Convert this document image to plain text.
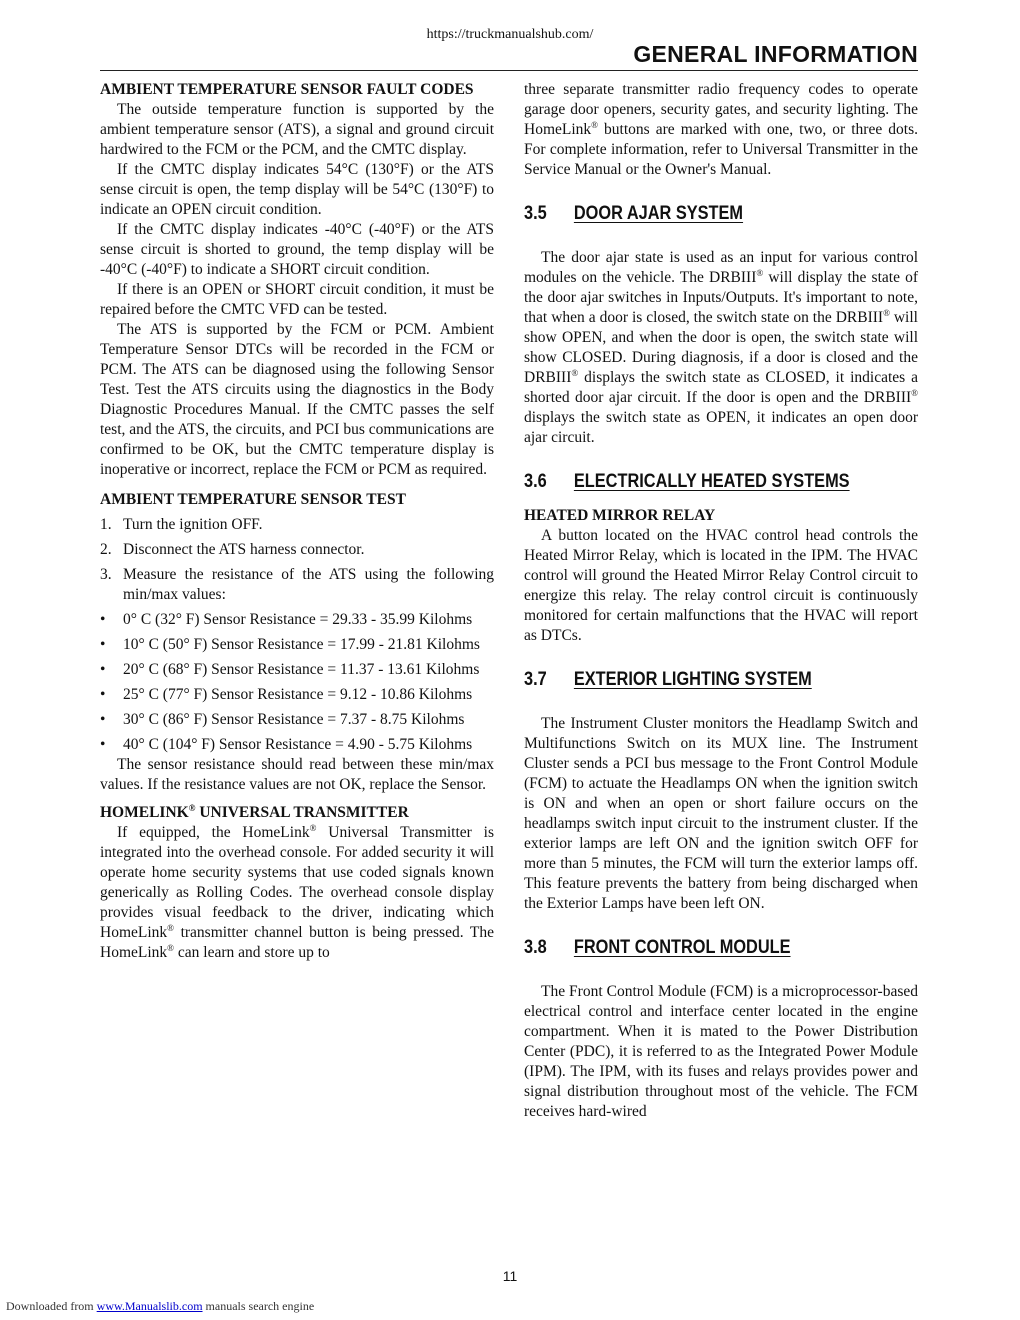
https://truckmanualshub.com/
GENERAL INFORMATION
AMBIENT TEMPERATURE SENSOR FAULT CODES

The outside temperature function is supported by the ambient temperature sensor (ATS), a signal and ground circuit hardwired to the FCM or the PCM, and the CMTC display.

If the CMTC display indicates 54°C (130°F) or the ATS sense circuit is open, the temp display will be 54°C (130°F) to indicate an OPEN circuit condition.

If the CMTC display indicates -40°C (-40°F) or the ATS sense circuit is shorted to ground, the temp display will be -40°C (-40°F) to indicate a SHORT circuit condition.

If there is an OPEN or SHORT circuit condition, it must be repaired before the CMTC VFD can be tested.

The ATS is supported by the FCM or PCM. Ambient Temperature Sensor DTCs will be recorded in the FCM or PCM. The ATS can be diagnosed using the following Sensor Test. Test the ATS circuits using the diagnostics in the Body Diagnostic Procedures Manual. If the CMTC passes the self test, and the ATS, the circuits, and PCI bus communications are confirmed to be OK, but the CMTC temperature display is inoperative or incorrect, replace the FCM or PCM as required.

AMBIENT TEMPERATURE SENSOR TEST
1. Turn the ignition OFF.
2. Disconnect the ATS harness connector.
3. Measure the resistance of the ATS using the following min/max values:
• 0° C (32° F) Sensor Resistance = 29.33 - 35.99 Kilohms
• 10° C (50° F) Sensor Resistance = 17.99 - 21.81 Kilohms
• 20° C (68° F) Sensor Resistance = 11.37 - 13.61 Kilohms
• 25° C (77° F) Sensor Resistance = 9.12 - 10.86 Kilohms
• 30° C (86° F) Sensor Resistance = 7.37 - 8.75 Kilohms
• 40° C (104° F) Sensor Resistance = 4.90 - 5.75 Kilohms

The sensor resistance should read between these min/max values. If the resistance values are not OK, replace the Sensor.

HOMELINK® UNIVERSAL TRANSMITTER

If equipped, the HomeLink® Universal Transmitter is integrated into the overhead console. For added security it will operate home security systems that use coded signals known generically as Rolling Codes. The overhead console display provides visual feedback to the driver, indicating which HomeLink® transmitter channel button is being pressed. The HomeLink® can learn and store up to

three separate transmitter radio frequency codes to operate garage door openers, security gates, and security lighting. The HomeLink® buttons are marked with one, two, or three dots. For complete information, refer to Universal Transmitter in the Service Manual or the Owner's Manual.

3.5 DOOR AJAR SYSTEM

The door ajar state is used as an input for various control modules on the vehicle. The DRBIII® will display the state of the door ajar switches in Inputs/Outputs. It's important to note, that when a door is closed, the switch state on the DRBIII® will show OPEN, and when the door is open, the switch state will show CLOSED. During diagnosis, if a door is closed and the DRBIII® displays the switch state as CLOSED, it indicates a shorted door ajar circuit. If the door is open and the DRBIII® displays the switch state as OPEN, it indicates an open door ajar circuit.

3.6 ELECTRICALLY HEATED SYSTEMS
HEATED MIRROR RELAY

A button located on the HVAC control head controls the Heated Mirror Relay, which is located in the IPM. The HVAC control will ground the Heated Mirror Relay Control circuit to energize this relay. The relay control circuit is continuously monitored for certain malfunctions that the HVAC will report as DTCs.

3.7 EXTERIOR LIGHTING SYSTEM

The Instrument Cluster monitors the Headlamp Switch and Multifunctions Switch on its MUX line. The Instrument Cluster sends a PCI bus message to the Front Control Module (FCM) to actuate the Headlamps ON when the ignition switch is ON and when an open or short failure occurs on the headlamps switch input circuit to the instrument cluster. If the exterior lamps are left ON and the ignition switch OFF for more than 5 minutes, the FCM will turn the exterior lamps off. This feature prevents the battery from being discharged when the Exterior Lamps have been left ON.

3.8 FRONT CONTROL MODULE

The Front Control Module (FCM) is a microprocessor-based electrical control and interface center located in the engine compartment. When it is mated to the Power Distribution Center (PDC), it is referred to as the Integrated Power Module (IPM). The IPM, with its fuses and relays provides power and signal distribution throughout most of the vehicle. The FCM receives hard-wired

11
Downloaded from www.Manualslib.com manuals search engine
